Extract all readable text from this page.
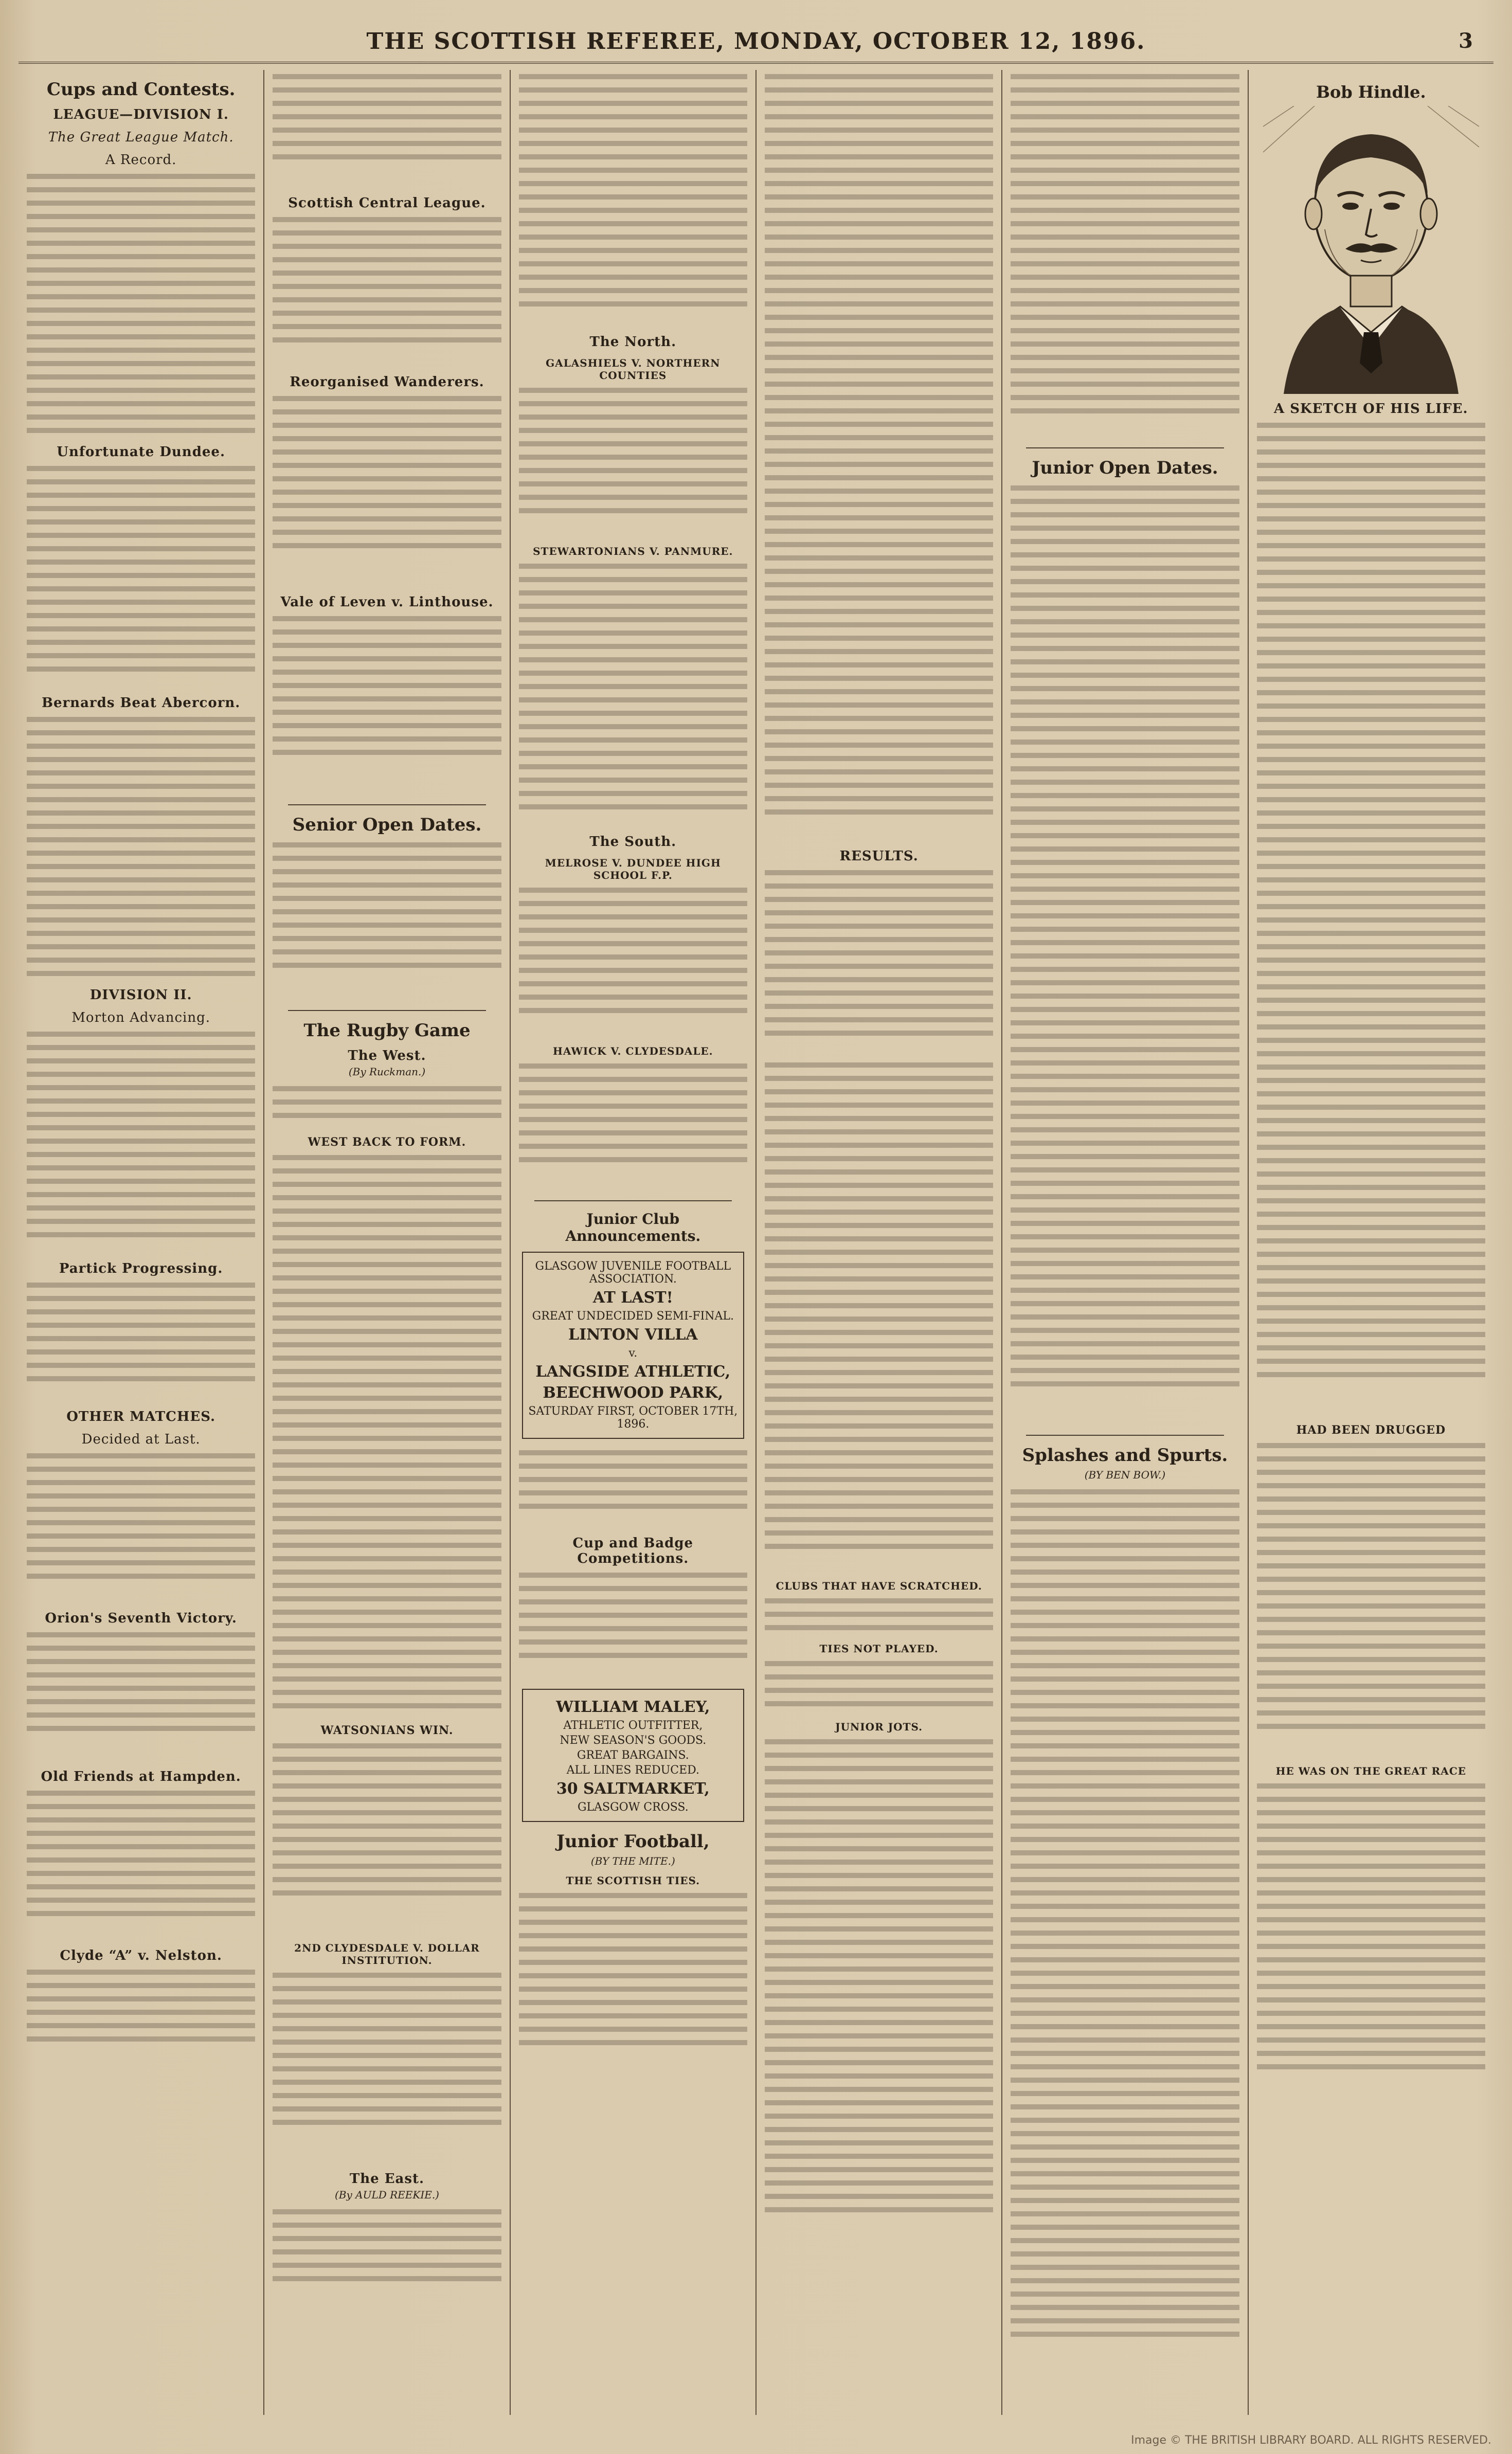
THE SCOTTISH REFEREE, MONDAY, OCTOBER 12, 1896.	3
Cups and Contests.
LEAGUE—DIVISION I.
The Great League Match.
A Record.
Unfortunate Dundee.
Bernards Beat Abercorn.
DIVISION II.
Morton Advancing.
Partick Progressing.
OTHER MATCHES.
Decided at Last.
Orion's Seventh Victory.
Old Friends at Hampden.
Clyde “A” v. Nelston.
Scottish Central League.
Reorganised Wanderers.
Vale of Leven v. Linthouse.
Senior Open Dates.
The Rugby Game
The West.
(By Ruckman.)
WEST BACK TO FORM.
WATSONIANS WIN.
2ND CLYDESDALE V. DOLLAR INSTITUTION.
The East.
(By AULD REEKIE.)
The North.
GALASHIELS V. NORTHERN COUNTIES
STEWARTONIANS V. PANMURE.
The South.
MELROSE V. DUNDEE HIGH SCHOOL F.P.
HAWICK V. CLYDESDALE.
Junior Club Announcements.
GLASGOW JUVENILE FOOTBALL ASSOCIATION.
AT LAST!
GREAT UNDECIDED SEMI-FINAL.
LINTON VILLA
v.
LANGSIDE ATHLETIC,
BEECHWOOD PARK,
SATURDAY FIRST, OCTOBER 17TH, 1896.
Cup and Badge Competitions.
WILLIAM MALEY,
ATHLETIC OUTFITTER,
NEW SEASON'S GOODS.
GREAT BARGAINS.
ALL LINES REDUCED.
30 SALTMARKET,
GLASGOW CROSS.
Junior Football,
(BY THE MITE.)
THE SCOTTISH TIES.
RESULTS.
CLUBS THAT HAVE SCRATCHED.
TIES NOT PLAYED.
JUNIOR JOTS.
Junior Open Dates.
Splashes and Spurts.
(BY BEN BOW.)
Bob Hindle.
A SKETCH OF HIS LIFE.
HAD BEEN DRUGGED
HE WAS ON THE GREAT RACE
Image © THE BRITISH LIBRARY BOARD. ALL RIGHTS RESERVED.
